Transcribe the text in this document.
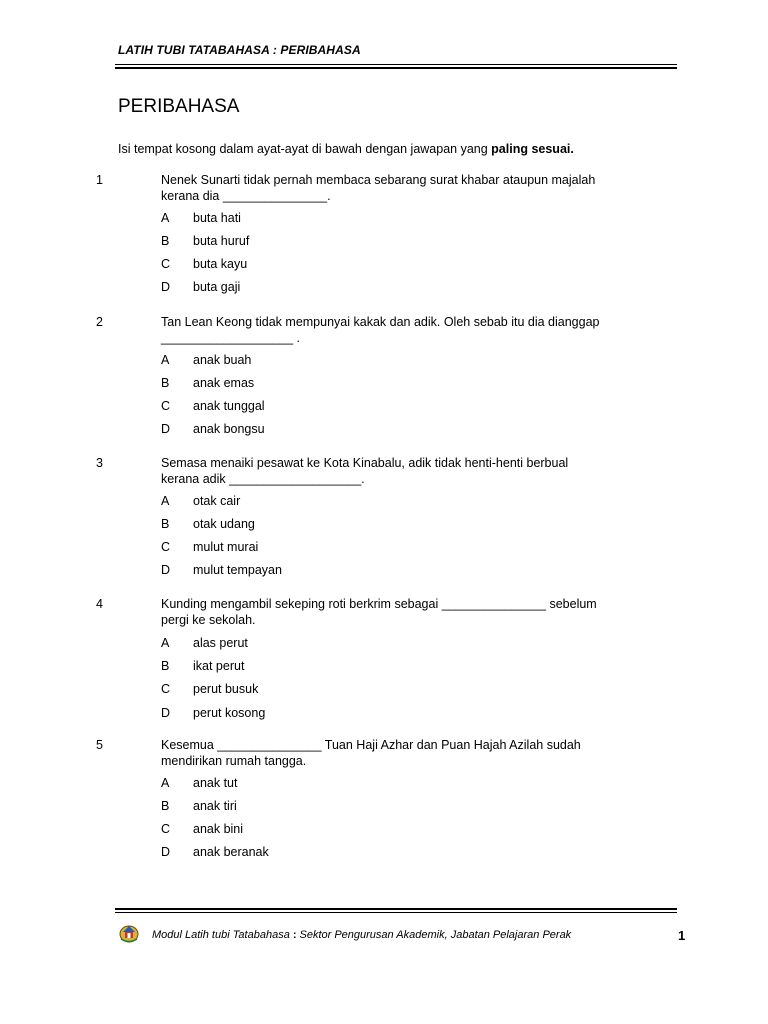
LATIH TUBI TATABAHASA : PERIBAHASA
PERIBAHASA
Isi tempat kosong dalam ayat-ayat di bawah dengan jawapan yang paling sesuai.
1	Nenek Sunarti tidak pernah membaca sebarang surat khabar ataupun majalah
kerana dia _______________.
A buta hati
B buta huruf
C buta kayu
D buta gaji
2	Tan Lean Keong tidak mempunyai kakak dan adik. Oleh sebab itu dia dianggap
___________________ .
A anak buah
B anak emas
C anak tunggal
D anak bongsu
3	Semasa menaiki pesawat ke Kota Kinabalu, adik tidak henti-henti berbual
kerana adik ___________________.
A otak cair
B otak udang
C mulut murai
D mulut tempayan
4	Kunding mengambil sekeping roti berkrim sebagai _______________ sebelum
pergi ke sekolah.
A alas perut
B ikat perut
C perut busuk
D perut kosong
5	Kesemua _______________ Tuan Haji Azhar dan Puan Hajah Azilah sudah
mendirikan rumah tangga.
A anak tut
B anak tiri
C anak bini
D anak beranak
Modul Latih tubi Tatabahasa : Sektor Pengurusan Akademik, Jabatan Pelajaran Perak	1
